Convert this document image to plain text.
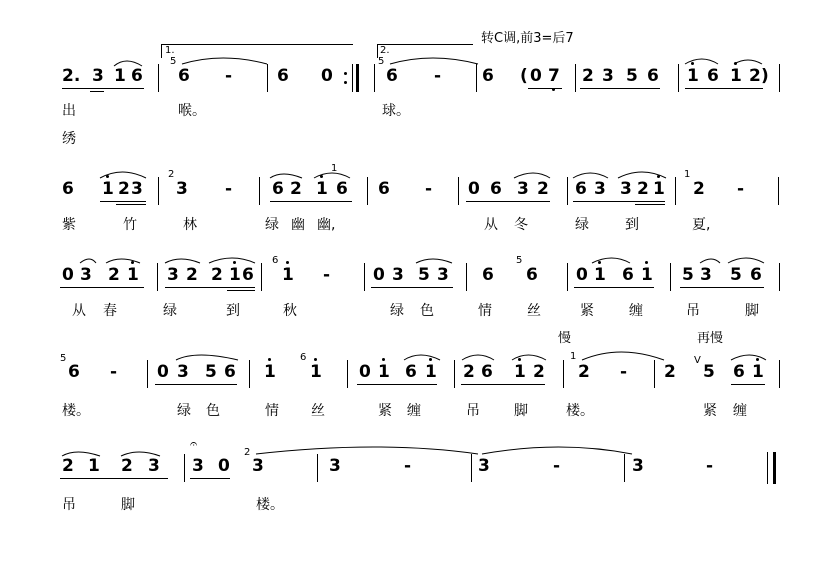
转C调,前3=后7
慢	再慢
1.	2.
2. 3 1 6
5
6 -	6 0
5
6 - 6 ( 0 7 2 3 5 6 1 6 1 2 )
出	喉。	球。
绣
6 1 2 3
2
3 - 6 2
1
1 6 6 - 0 6 3 2 6 3 3 2 1
1
2 -
紫	竹	林	绿 幽 幽,	从 冬	绿	到	夏,
0 3 2 1 3 2 2 1 6
6
1 -	0 3 5 3 6
5
6 0 1 6 1 5 3 5 6
从 春	绿	到	秋	绿 色	情	丝	紧	缠	吊	脚
5
6 - 0 3 5 6 1
6
1 0 1 6 1 2 6 1 2
1
2 - 2
V
5 6 1
楼。	绿 色	情 丝	紧 缠	吊 脚	楼。	紧 缠
2 1 2 3 3
𝄐
0
2
3	3	-	3	-	3	-
吊	脚	楼。
